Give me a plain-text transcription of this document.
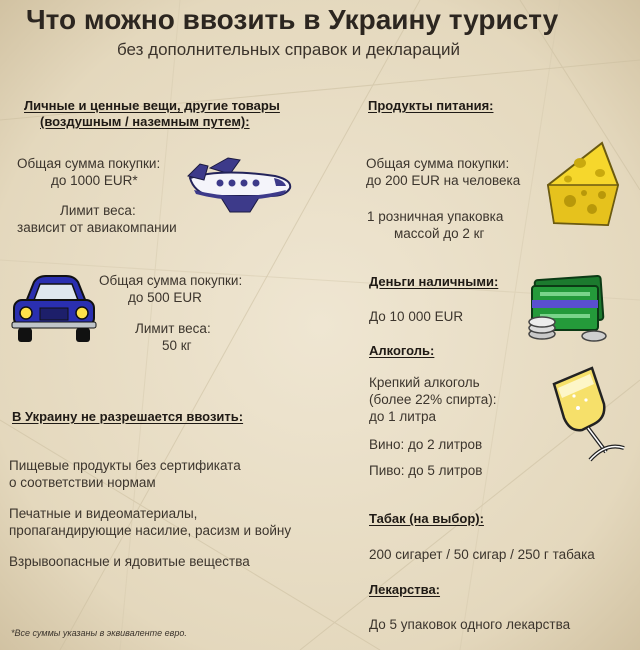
Что можно ввозить в Украину туристу
без дополнительных справок и деклараций
Личные и ценные вещи, другие товары
(воздушным / наземным путем):
Общая сумма покупки:
до 1000 EUR*
Лимит веса:
зависит от авиакомпании
Общая сумма покупки:
до 500 EUR
Лимит веса:
50 кг
В Украину не разрешается ввозить:
Пищевые продукты без сертификата
о соответствии нормам
Печатные и видеоматериалы,
пропагандирующие насилие, расизм и войну
Взрывоопасные и ядовитые вещества
*Все суммы указаны в эквиваленте евро.
Продукты питания:
Общая сумма покупки:
до 200 EUR на человека
1 розничная упаковка
массой до 2 кг
Деньги наличными:
До 10 000 EUR
Алкоголь:
Крепкий алкоголь
(более 22% спирта):
до 1 литра
Вино: до 2 литров
Пиво: до 5 литров
Табак (на выбор):
200 сигарет / 50 сигар / 250 г табака
Лекарства:
До 5 упаковок одного лекарства
